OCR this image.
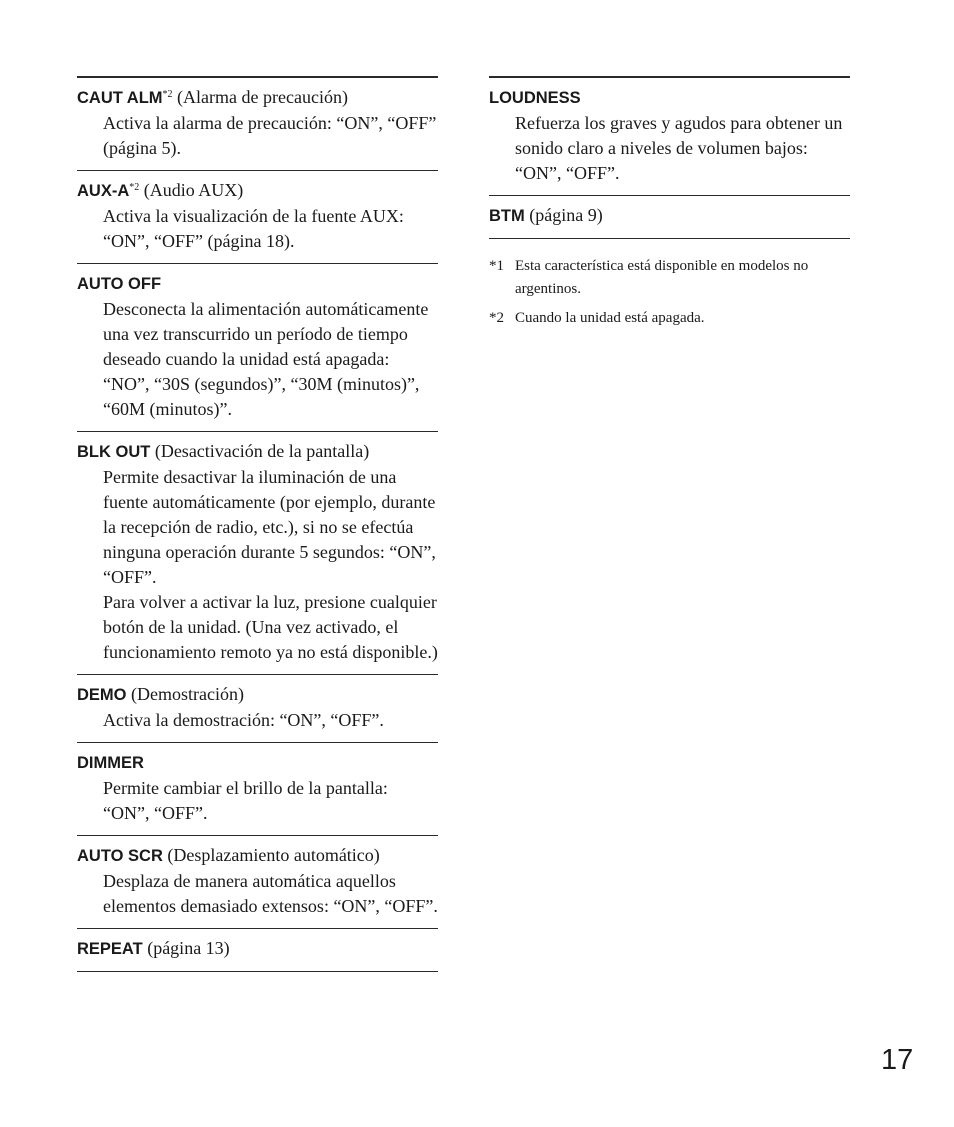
CAUT ALM$^{*2}$ (Alarma de precaución)

Activa la alarma de precaución: “ON”, “OFF” (página 5).

AUX-$A^{*2}$ (Audio AUX)

Activa la visualización de la fuente AUX: “ON”, “OFF” (página 18).

AUTO OFF

Desconecta la alimentación automáticamente una vez transcurrido un período de tiempo deseado cuando la unidad está apagada: “NO”, “30S (segundos)”, “30M (minutos)”, “60M (minutos)”.

BLK OUT (Desactivación de la pantalla)

Permite desactivar la iluminación de una fuente automáticamente (por ejemplo, durante la recepción de radio, etc.), si no se efectúa ninguna operación durante 5 segundos: “ON”, “OFF”.

Para volver a activar la luz, presione cualquier botón de la unidad. (Una vez activado, el funcionamiento remoto ya no está disponible.)

DEMO (Demostración)

Activa la demostración: “ON”, “OFF”.

DIMMER

Permite cambiar el brillo de la pantalla: “ON”, “OFF”.

AUTO SCR (Desplazamiento automático)

Desplaza de manera automática aquellos elementos demasiado extensos: “ON”, “OFF”.

REPEAT (página 13)
LOUDNESS

Refuerza los graves y agudos para obtener un sonido claro a niveles de volumen bajos: “ON”, “OFF”.

BTM (página 9)
*1 Esta característica está disponible en modelos no argentinos.
*2 Cuando la unidad está apagada.
17
